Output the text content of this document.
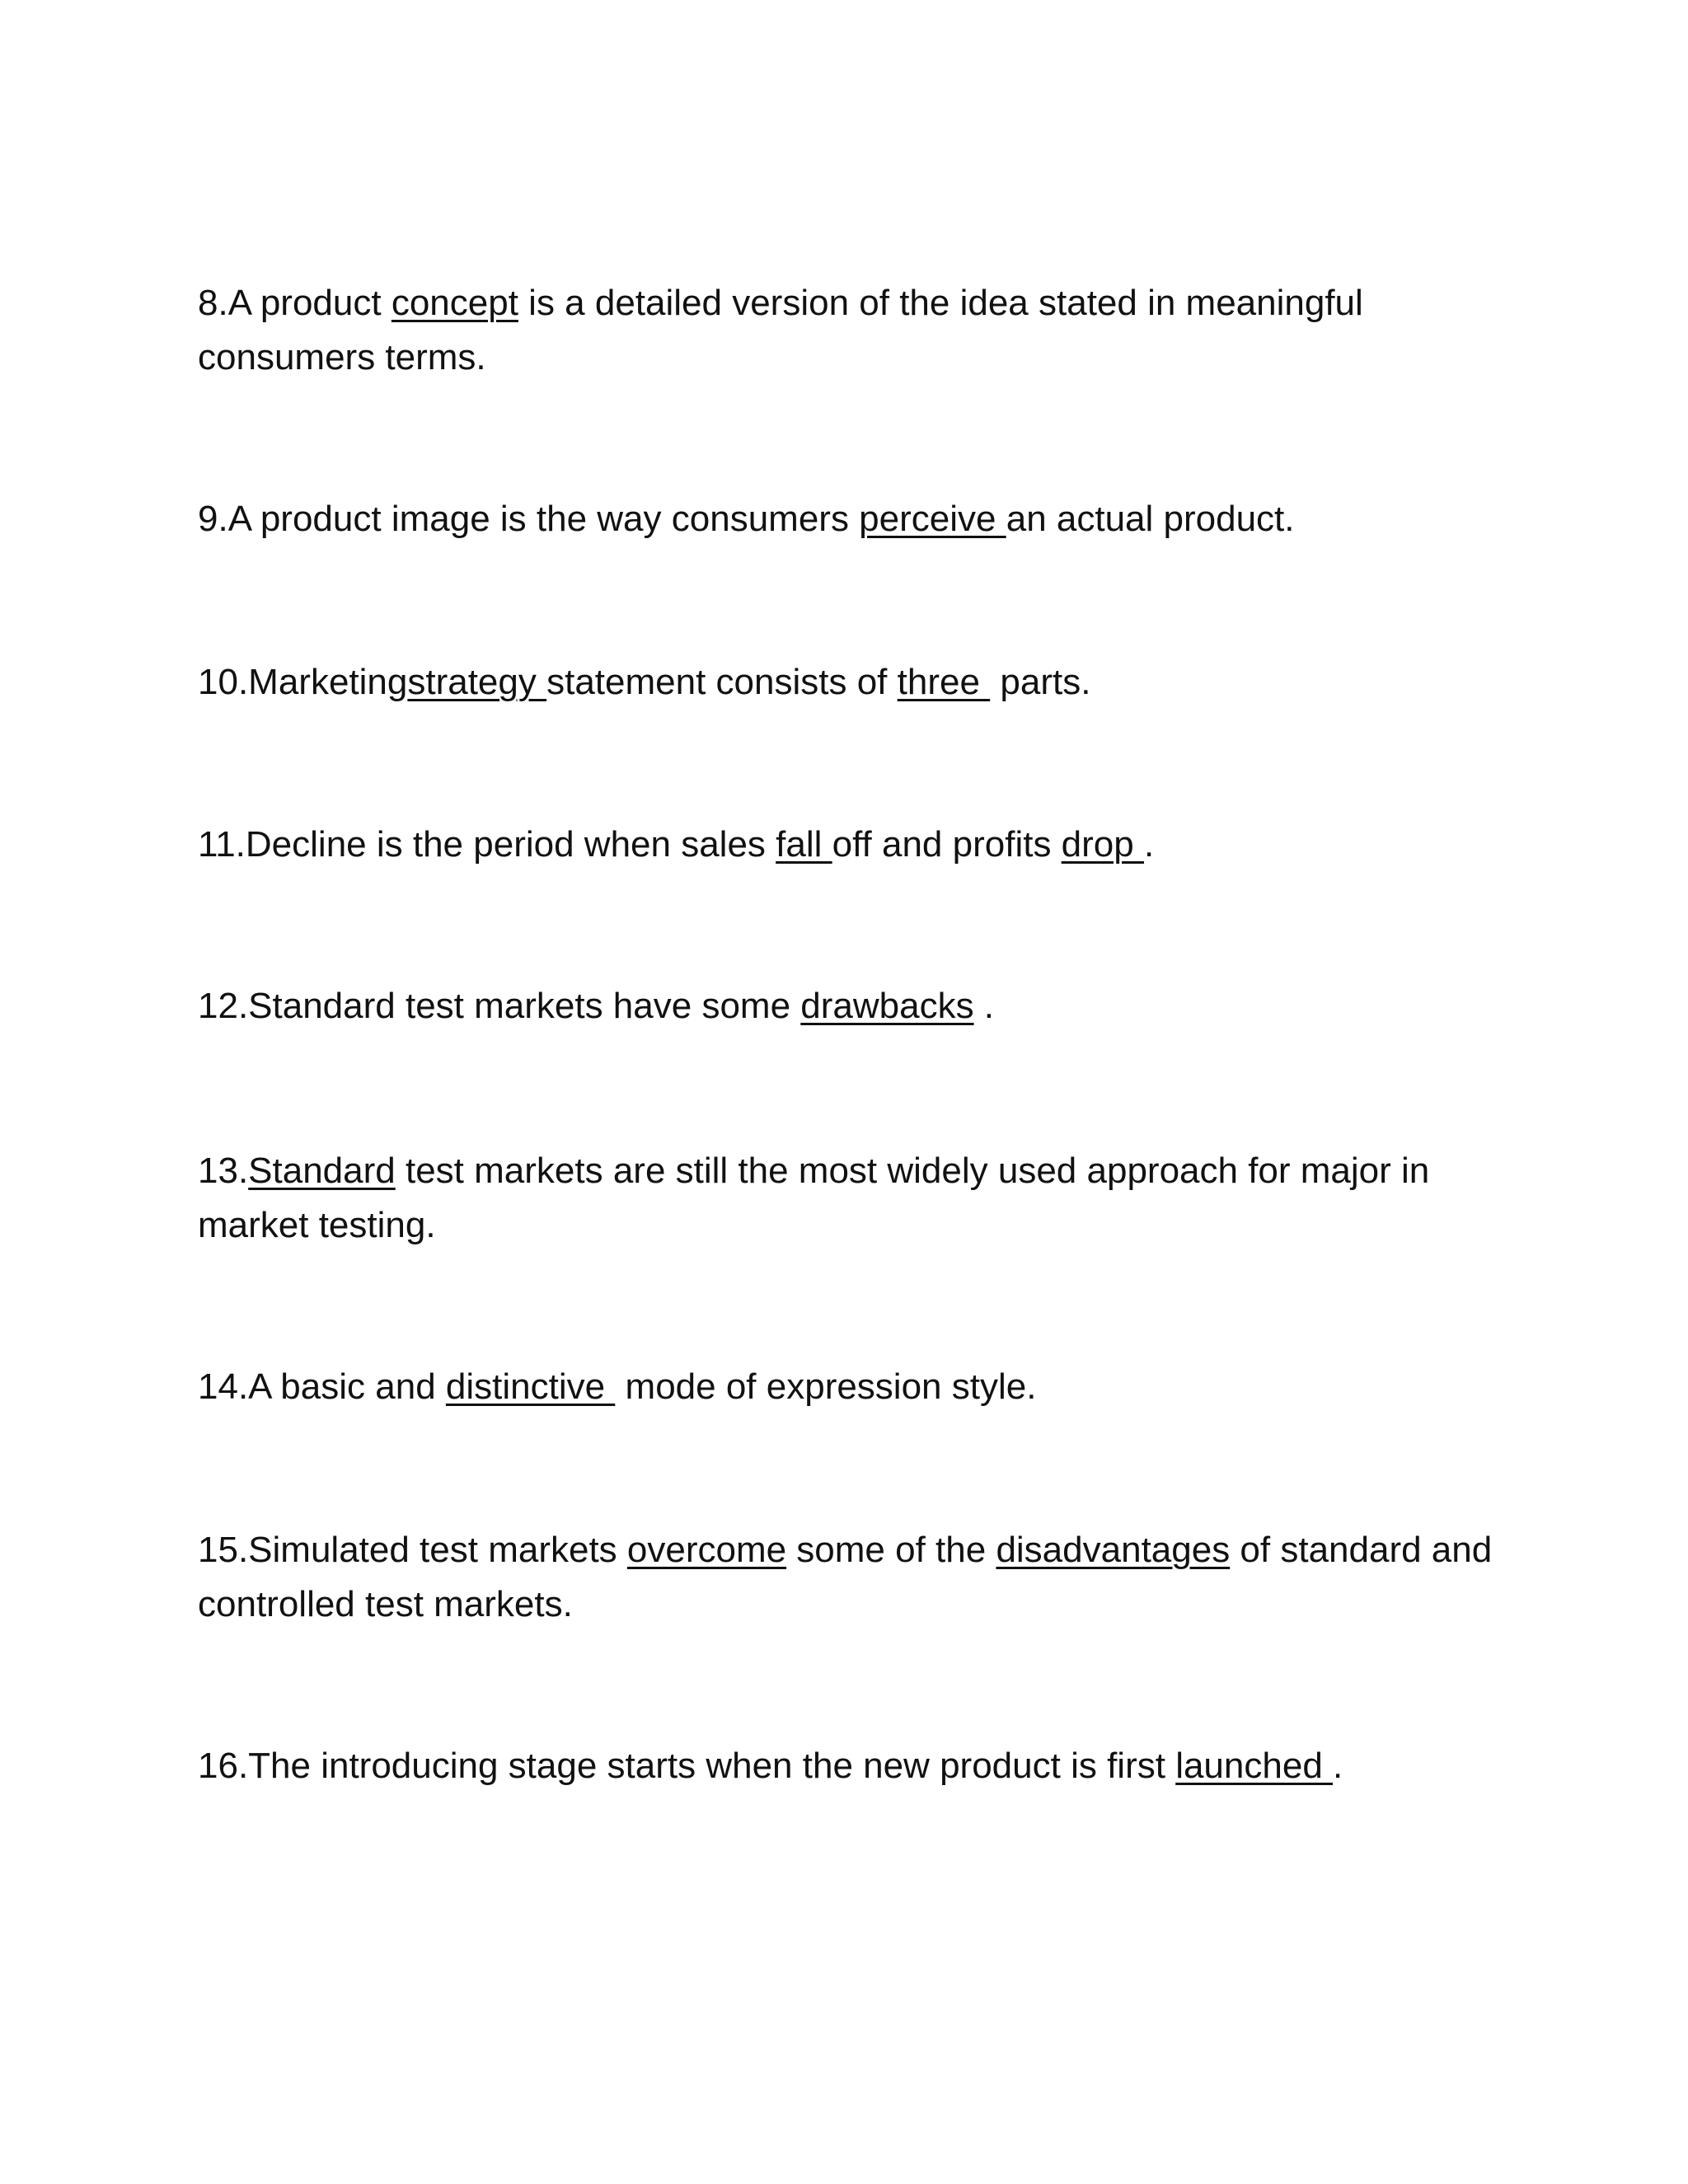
8.A product concept is a detailed version of the idea stated in meaningful consumers terms.

9.A product image is the way consumers perceive an actual product.

10.Marketingstrategy statement consists of three  parts.

11.Decline is the period when sales fall off and profits drop .

12.Standard test markets have some drawbacks .

13.Standard test markets are still the most widely used approach for major in market testing.

14.A basic and distinctive  mode of expression style.

15.Simulated test markets overcome some of the disadvantages of standard and controlled test markets.

16.The introducing stage starts when the new product is first launched .
